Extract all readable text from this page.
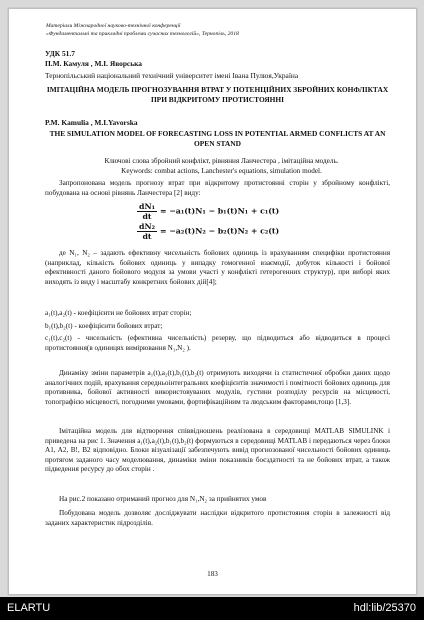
Матеріали Міжнародної науково-технічної конференції
«Фундаментальні та прикладні проблеми сучасних технологій», Тернопіль, 2018
УДК 51.7
П.М. Камуля , М.І. Яворська
Тернопільський національний технічний університет імені Івана Пулюя,Україна
ІМІТАЦІЙНА МОДЕЛЬ ПРОГНОЗУВАННЯ ВТРАТ У ПОТЕНЦІЙНИХ ЗБРОЙНИХ КОНФЛІКТАХ ПРИ ВІДКРИТОМУ ПРОТИСТОЯННІ
P.M. Kamulia , M.I.Yavorska
THE SIMULATION MODEL OF FORECASTING LOSS IN POTENTIAL ARMED CONFLICTS AT AN OPEN STAND
Ключові слова збройний конфлікт, рівняння Ланчестера , імітаційна модель.
Keywords: combat actions, Lanchester's equations, simulation model.

Запропонована модель прогнозу втрат при відкритому протистоянні сторін у збройному конфлікті, побудована на основі рівнянь Ланчестера [2] виду:

$\frac{\text{dN₁}}{dt} = -a_1(t)N_1 - b_1(t)N_1 + c_1(t)$
$\frac{\text{dN₂}}{dt} = -a_2(t)N_2 - b_2(t)N_2 + c_2(t)$

де N₁, N₂ – задають ефективну чисельність бойових одиниць із врахуванням специфіки протистояння (наприклад, кількість бойових одиниць у випадку гомогенної взаємодії, добуток кількості і бойової ефективності даного бойового модуля за умови участі у конфлікті гетерогенних структур), при виборі яких виходять із виду і масштабу конкретних бойових дій[4];

a₁(t),a₂(t) - коефіцієнти не бойових втрат сторін;
b₁(t),b₂(t) - коефіцієнти бойових втрат;
c₁(t),c₂(t) - чисельність (ефективна чисельність) резерву, що підводиться або відводиться в процесі протистояння(в одиницях вимірювання N₁,N₂ ).

Динаміку зміни параметрів a₁(t),a₂(t),b₁(t),b₂(t) отримують виходячи із статистичної обробки даних щодо аналогічних подій, врахування середньоінтегральних коефіцієнтів значимості і помітності бойових одиниць для противника, бойової активності використовуваних модулів, густини розподілу ресурсів на місцевості, топографією місцевості, погодними умовами, фортифікаційним та людським факторами,тощо [1,3].

Імітаційна модель для відтворення співвідношень реалізована в середовищі MATLAB SIMULINK і приведена на рис 1. Значення a₁(t),a₂(t),b₁(t),b₂(t) формуються в середовищі MATLAB і передаються через блоки A1, A2, B!, B2 відповідно. Блоки візуалізації забезпечують вивід прогнозованої чисельності бойових одиниць протягом заданого часу моделювання, динаміки зміни показників боєздатності та не бойових втрат, а також підведення ресурсу до обох сторін .

На рис.2 показано отриманий прогноз для N₁,N₂ за прийнятих умов

Побудована модель дозволяє досліджувати наслідки відкритого протистояння сторін в залежності від заданих характеристик підрозділів.

183
ELARTU	hdl:lib/25370
